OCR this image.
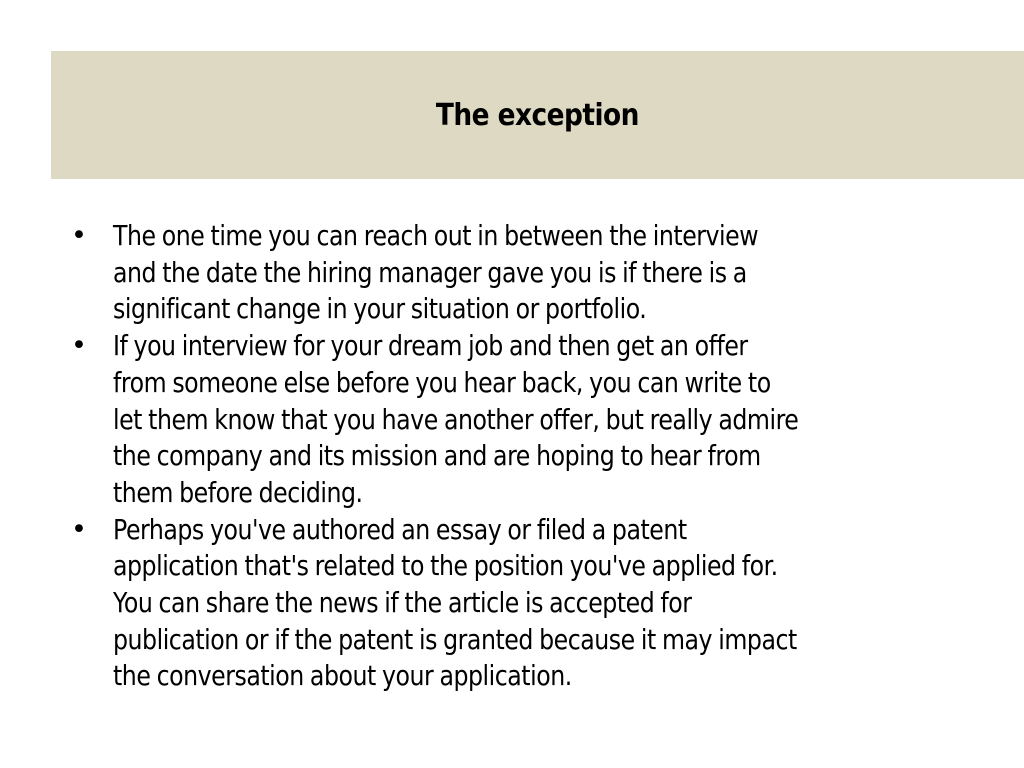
The exception
• The one time you can reach out in between the interview
and the date the hiring manager gave you is if there is a
significant change in your situation or portfolio.
• If you interview for your dream job and then get an offer
from someone else before you hear back, you can write to
let them know that you have another offer, but really admire
the company and its mission and are hoping to hear from
them before deciding.
• Perhaps you've authored an essay or filed a patent
application that's related to the position you've applied for.
You can share the news if the article is accepted for
publication or if the patent is granted because it may impact
the conversation about your application.
